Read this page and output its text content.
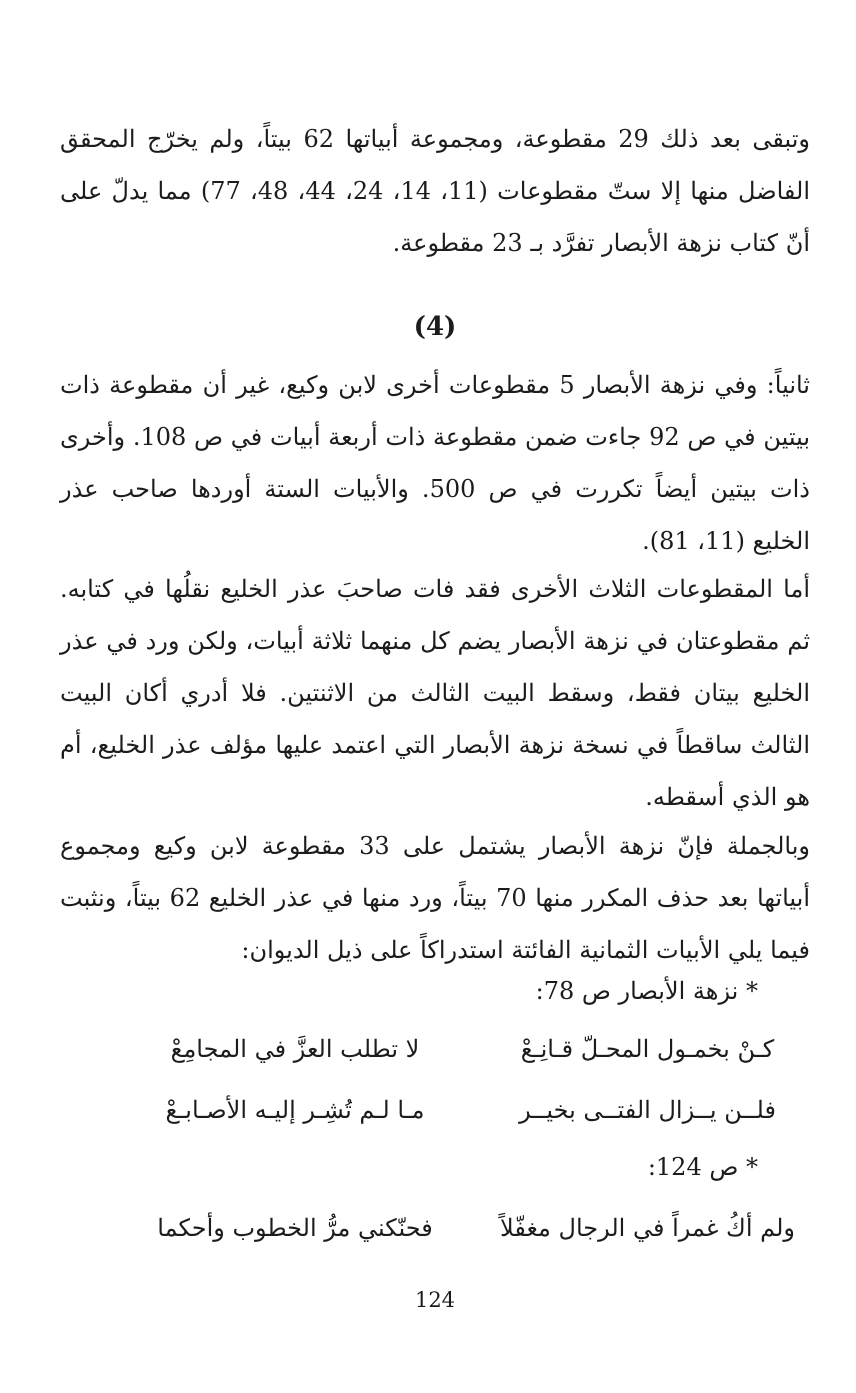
وتبقى بعد ذلك 29 مقطوعة، ومجموعة أبياتها 62 بيتاً، ولم يخرّج المحقق الفاضل منها إلا ستّ مقطوعات (11، 14، 24، 44، 48، 77) مما يدلّ على أنّ كتاب نزهة الأبصار تفرَّد بـ 23 مقطوعة.

(4)

ثانياً: وفي نزهة الأبصار 5 مقطوعات أخرى لابن وكيع، غير أن مقطوعة ذات بيتين في ص 92 جاءت ضمن مقطوعة ذات أربعة أبيات في ص 108. وأخرى ذات بيتين أيضاً تكررت في ص 500. والأبيات الستة أوردها صاحب عذر الخليع (11، 81).

أما المقطوعات الثلاث الأخرى فقد فات صاحبَ عذر الخليع نقلُها في كتابه. ثم مقطوعتان في نزهة الأبصار يضم كل منهما ثلاثة أبيات، ولكن ورد في عذر الخليع بيتان فقط، وسقط البيت الثالث من الاثنتين. فلا أدري أكان البيت الثالث ساقطاً في نسخة نزهة الأبصار التي اعتمد عليها مؤلف عذر الخليع، أم هو الذي أسقطه.

وبالجملة فإنّ نزهة الأبصار يشتمل على 33 مقطوعة لابن وكيع ومجموع أبياتها بعد حذف المكرر منها 70 بيتاً، ورد منها في عذر الخليع 62 بيتاً، ونثبت فيما يلي الأبيات الثمانية الفائتة استدراكاً على ذيل الديوان:

* نزهة الأبصار ص 78:
كـنْ بخمـول المحـلّ قـانِـعْ
لا تطلب العزَّ في المجامِعْ
فلــن يــزال الفتــى بخيــر
مـا لـم تُشِـر إليـه الأصـابـعْ
* ص 124:
ولم أكُ غمراً في الرجال مغفّلاً
فحنّكني مرُّ الخطوب وأحكما
124
